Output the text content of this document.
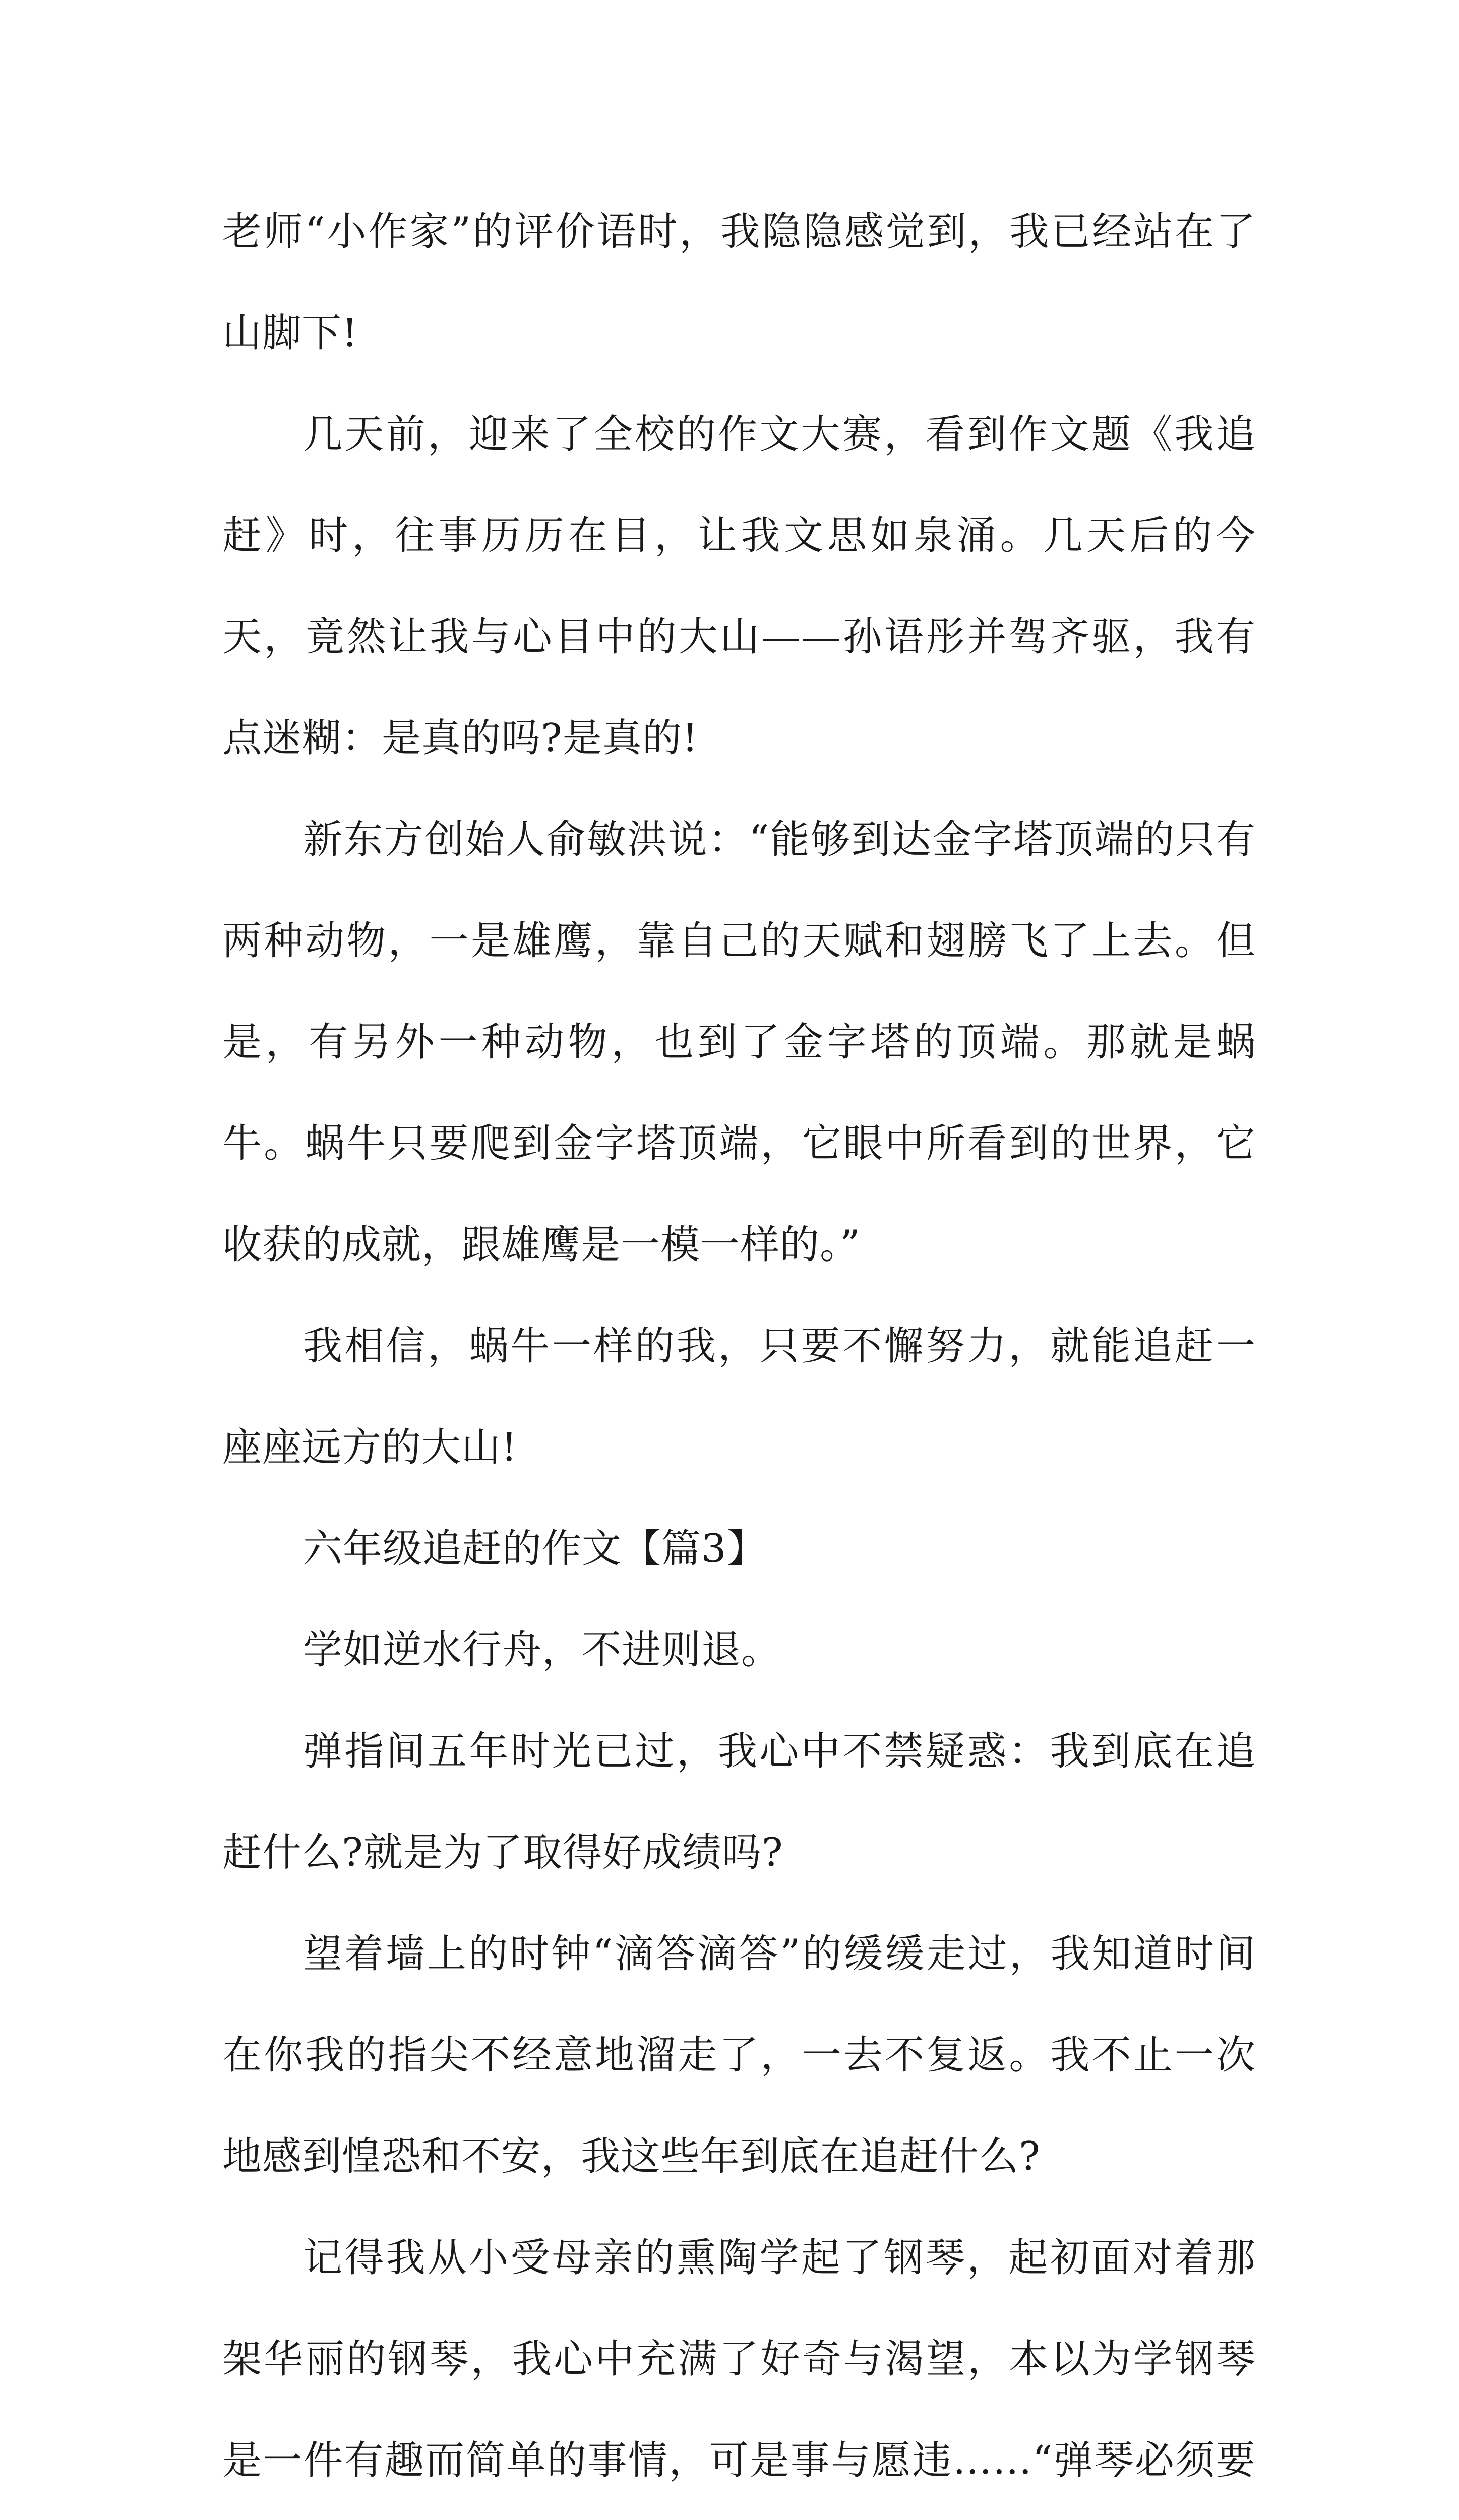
老师“小作家”的评价语时，我隐隐感觉到，我已经站在了山脚下!

几天前，迎来了全校的作文大赛，看到作文题《我追赶》时，往事历历在目，让我文思如泉涌。几天后的今天，竟然让我与心目中的大山——孙语彤并驾齐驱，我有点迷糊：是真的吗?是真的!

新东方创始人俞敏洪说：“能够到达金字塔顶端的只有两种动物，一是雄鹰，靠自己的天赋和翅膀飞了上去。但是，有另外一种动物，也到了金字塔的顶端。那就是蜗牛。蜗牛只要爬到金字塔顶端，它眼中所看到的世界，它收获的成就，跟雄鹰是一模一样的。”

我相信，蜗牛一样的我，只要不懈努力，就能追赶一座座远方的大山!

六年级追赶的作文【篇3】

学如逆水行舟，不进则退。

弹指间五年时光已过，我心中不禁疑惑：我到底在追赶什么?就是为了取得好成绩吗?

望着墙上的时钟“滴答滴答”的缓缓走过，我知道时间在你我的指尖不经意地溜走了，一去不复返。我不止一次地感到惶恐和不安，我这些年到底在追赶什么?

记得我从小受母亲的熏陶学起了钢琴，起初面对着那架华丽的钢琴，我心中充满了好奇与渴望，本以为学钢琴是一件有趣而简单的事情，可是事与愿违……“弹琴必须要
